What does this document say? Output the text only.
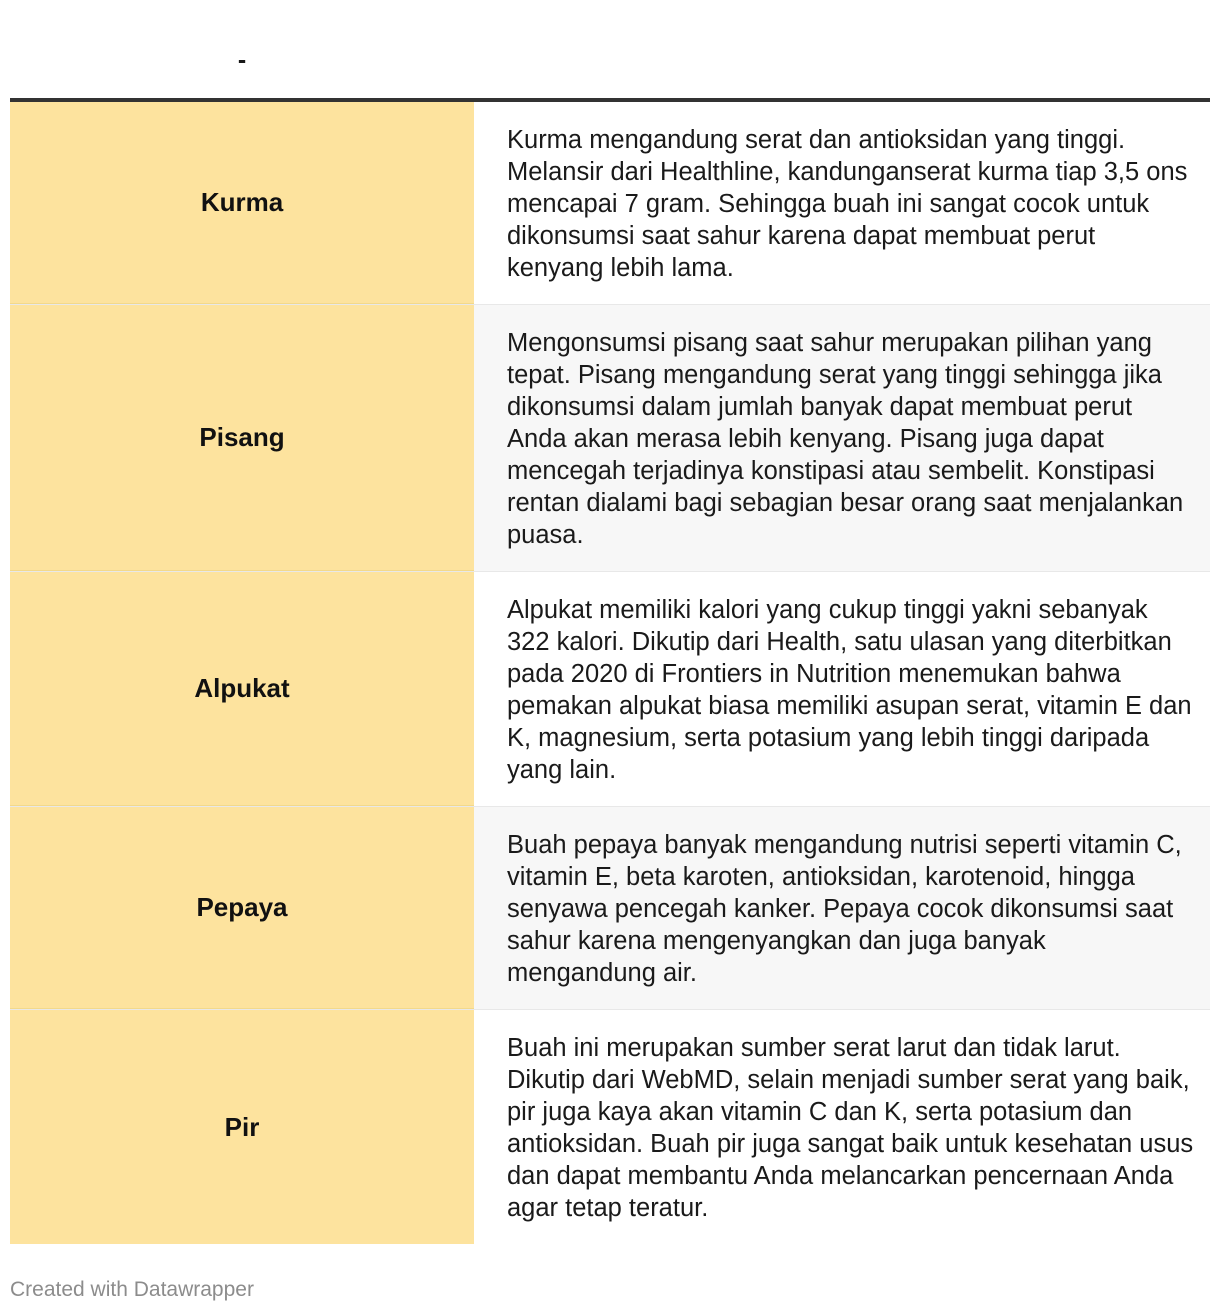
-
Kurma
Kurma mengandung serat dan antioksidan yang tinggi. Melansir dari Healthline, kandunganserat kurma tiap 3,5 ons mencapai 7 gram. Sehingga buah ini sangat cocok untuk dikonsumsi saat sahur karena dapat membuat perut kenyang lebih lama.
Pisang
Mengonsumsi pisang saat sahur merupakan pilihan yang tepat. Pisang mengandung serat yang tinggi sehingga jika dikonsumsi dalam jumlah banyak dapat membuat perut Anda akan merasa lebih kenyang. Pisang juga dapat mencegah terjadinya konstipasi atau sembelit. Konstipasi rentan dialami bagi sebagian besar orang saat menjalankan puasa.
Alpukat
Alpukat memiliki kalori yang cukup tinggi yakni sebanyak 322 kalori. Dikutip dari Health, satu ulasan yang diterbitkan pada 2020 di Frontiers in Nutrition menemukan bahwa pemakan alpukat biasa memiliki asupan serat, vitamin E dan K, magnesium, serta potasium yang lebih tinggi daripada yang lain.
Pepaya
Buah pepaya banyak mengandung nutrisi seperti vitamin C, vitamin E, beta karoten, antioksidan, karotenoid, hingga senyawa pencegah kanker. Pepaya cocok dikonsumsi saat sahur karena mengenyangkan dan juga banyak mengandung air.
Pir
Buah ini merupakan sumber serat larut dan tidak larut. Dikutip dari WebMD, selain menjadi sumber serat yang baik, pir juga kaya akan vitamin C dan K, serta potasium dan antioksidan. Buah pir juga sangat baik untuk kesehatan usus dan dapat membantu Anda melancarkan pencernaan Anda agar tetap teratur.
Created with Datawrapper
